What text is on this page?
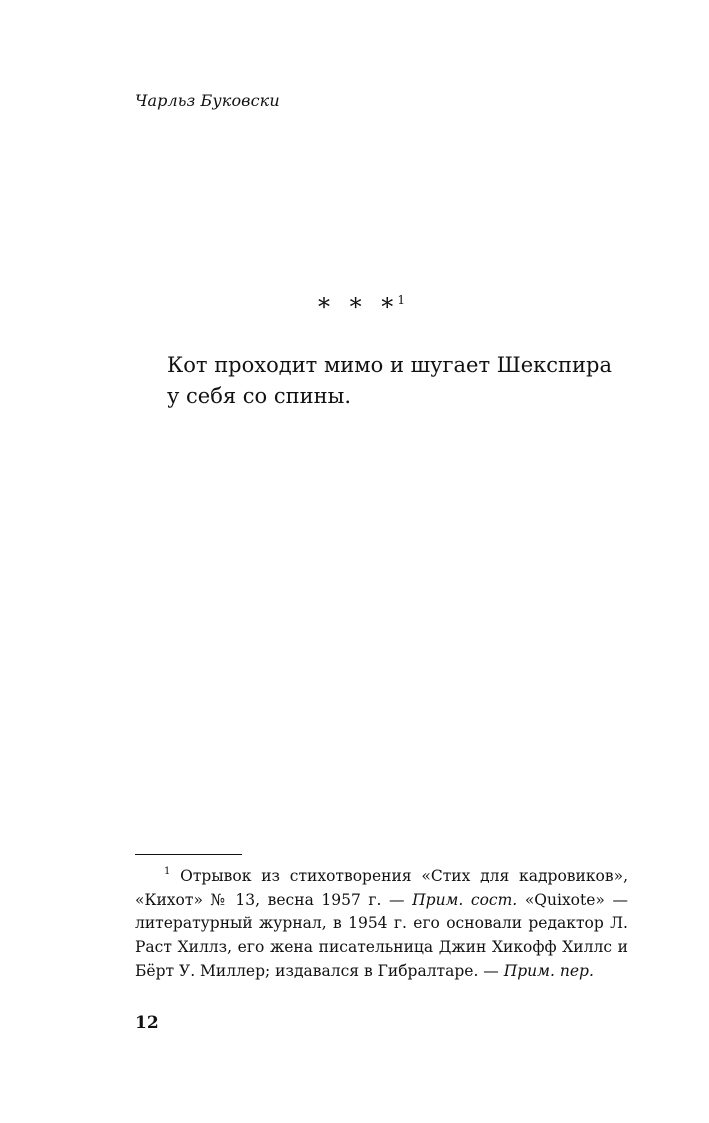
Чарльз Буковски
* * *$^1$
Кот проходит мимо и шугает Шекспира
у себя со спины.

$^1$ Отрывок из стихотворения «Стих для кадровиков», «Кихот» № 13, весна 1957 г. — Прим. сост. «Quixote» — литературный журнал, в 1954 г. его основали редактор Л. Раст Хиллз, его жена писательница Джин Хикофф Хиллс и Бёрт У. Миллер; издавался в Гибралтаре. — Прим. пер.

12
